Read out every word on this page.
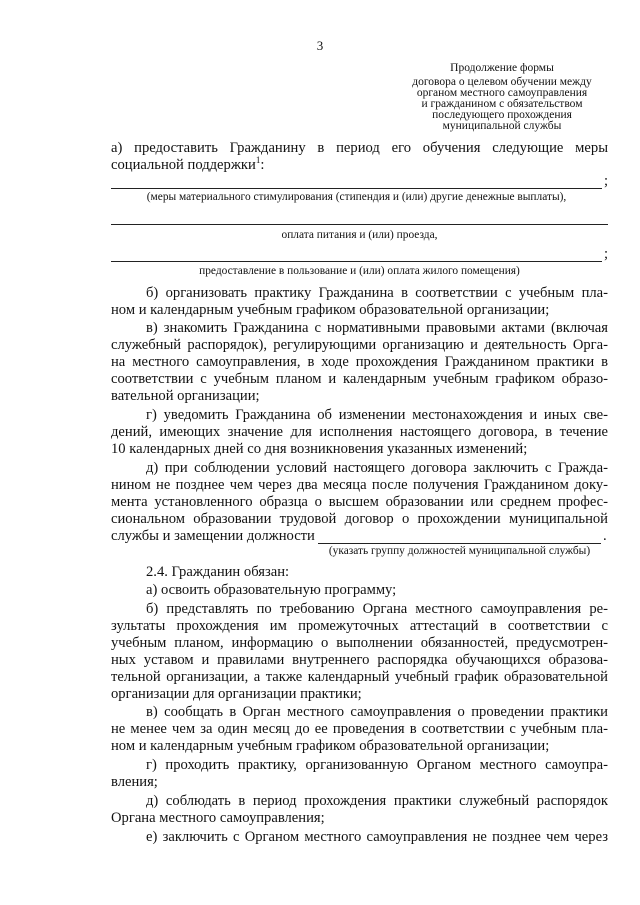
3
Продолжение формы
договора о целевом обучении между
органом местного самоуправления
и гражданином с обязательством
последующего прохождения
муниципальной службы
а) предоставить Гражданину в период его обучения следующие меры
социальной поддержки$^1$:
;
(меры материального стимулирования (стипендия и (или) другие денежные выплаты),
оплата питания и (или) проезда,
;
предоставление в пользование и (или) оплата жилого помещения)
б) организовать практику Гражданина в соответствии с учебным пла-
ном и календарным учебным графиком образовательной организации;
в) знакомить Гражданина с нормативными правовыми актами (включая
служебный распорядок), регулирующими организацию и деятельность Орга-
на местного самоуправления, в ходе прохождения Гражданином практики в
соответствии с учебным планом и календарным учебным графиком образо-
вательной организации;
г) уведомить Гражданина об изменении местонахождения и иных све-
дений, имеющих значение для исполнения настоящего договора, в течение
10 календарных дней со дня возникновения указанных изменений;
д) при соблюдении условий настоящего договора заключить с Гражда-
нином не позднее чем через два месяца после получения Гражданином доку-
мента установленного образца о высшем образовании или среднем профес-
сиональном образовании трудовой договор о прохождении муниципальной
службы и замещении должности	.
(указать группу должностей муниципальной службы)
2.4. Гражданин обязан:
а) освоить образовательную программу;
б) представлять по требованию Органа местного самоуправления ре-
зультаты прохождения им промежуточных аттестаций в соответствии с
учебным планом, информацию о выполнении обязанностей, предусмотрен-
ных уставом и правилами внутреннего распорядка обучающихся образова-
тельной организации, а также календарный учебный график образовательной
организации для организации практики;
в) сообщать в Орган местного самоуправления о проведении практики
не менее чем за один месяц до ее проведения в соответствии с учебным пла-
ном и календарным учебным графиком образовательной организации;
г) проходить практику, организованную Органом местного самоупра-
вления;
д) соблюдать в период прохождения практики служебный распорядок
Органа местного самоуправления;
е) заключить с Органом местного самоуправления не позднее чем через
